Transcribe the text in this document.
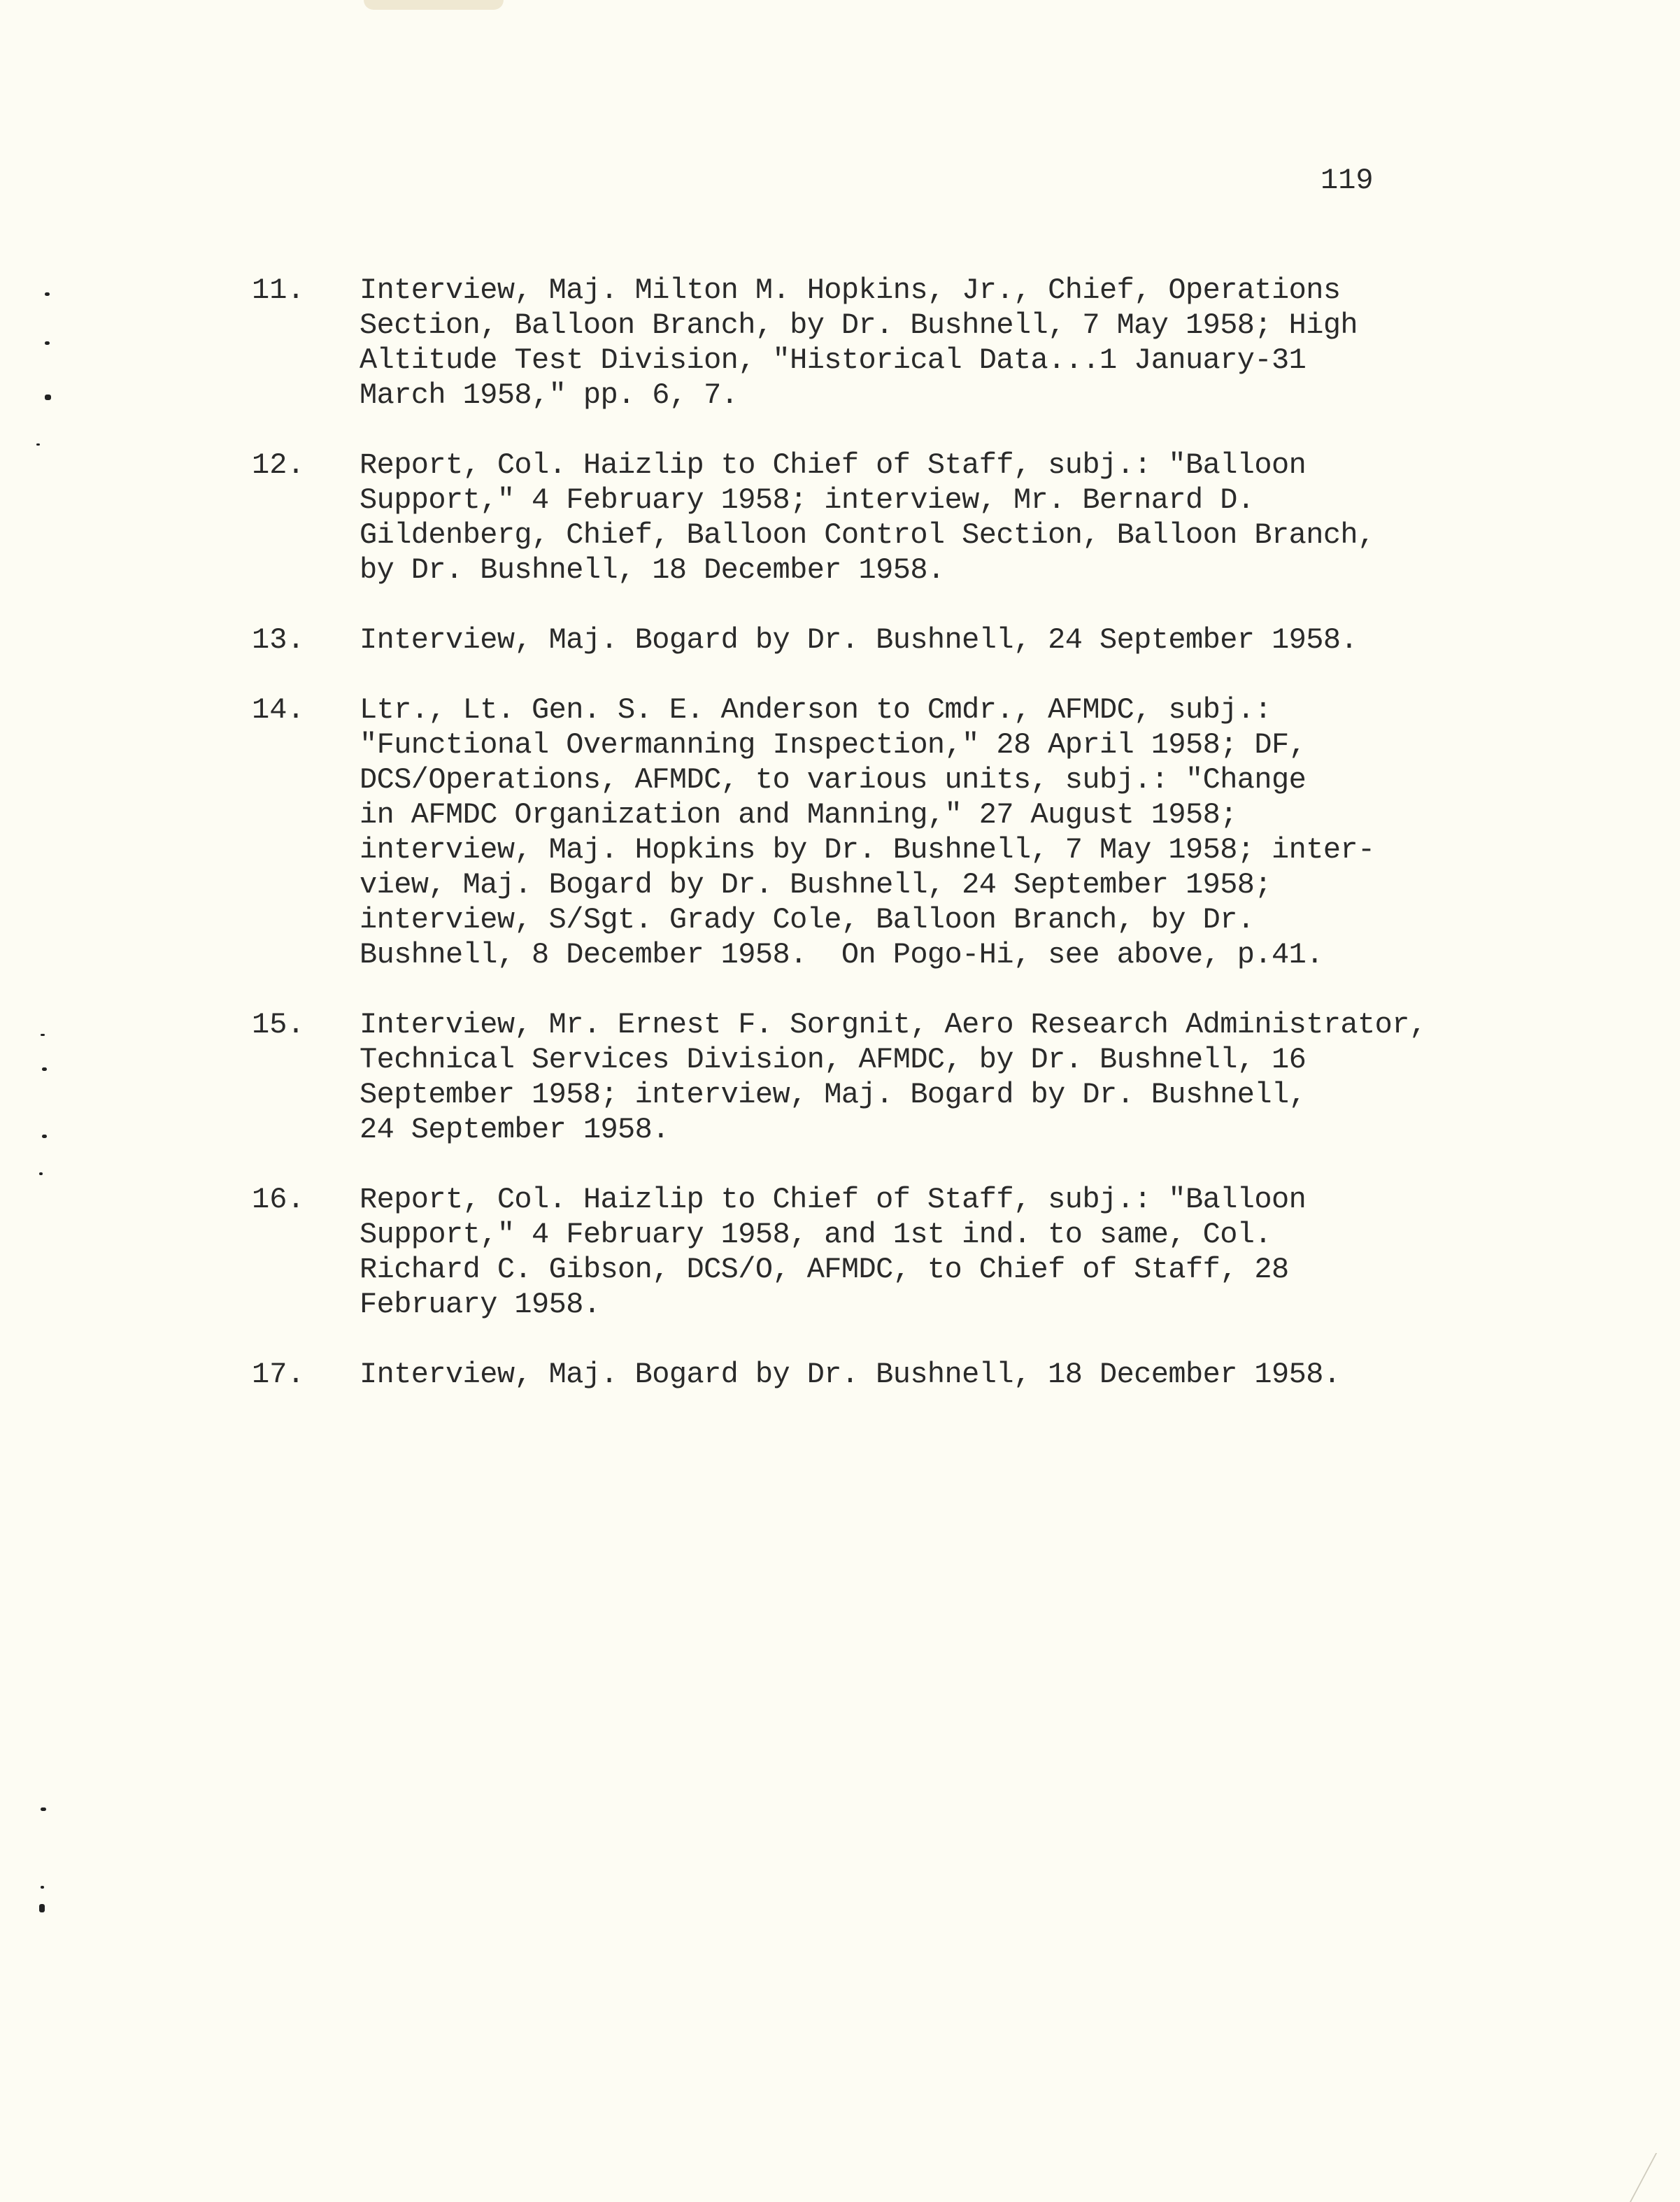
119
11.	Interview, Maj. Milton M. Hopkins, Jr., Chief, Operations
Section, Balloon Branch, by Dr. Bushnell, 7 May 1958; High
Altitude Test Division, "Historical Data...1 January-31
March 1958," pp. 6, 7.
12.	Report, Col. Haizlip to Chief of Staff, subj.: "Balloon
Support," 4 February 1958; interview, Mr. Bernard D.
Gildenberg, Chief, Balloon Control Section, Balloon Branch,
by Dr. Bushnell, 18 December 1958.
13.	Interview, Maj. Bogard by Dr. Bushnell, 24 September 1958.
14.	Ltr., Lt. Gen. S. E. Anderson to Cmdr., AFMDC, subj.:
"Functional Overmanning Inspection," 28 April 1958; DF,
DCS/Operations, AFMDC, to various units, subj.: "Change
in AFMDC Organization and Manning," 27 August 1958;
interview, Maj. Hopkins by Dr. Bushnell, 7 May 1958; inter-
view, Maj. Bogard by Dr. Bushnell, 24 September 1958;
interview, S/Sgt. Grady Cole, Balloon Branch, by Dr.
Bushnell, 8 December 1958.  On Pogo-Hi, see above, p.41.
15.	Interview, Mr. Ernest F. Sorgnit, Aero Research Administrator,
Technical Services Division, AFMDC, by Dr. Bushnell, 16
September 1958; interview, Maj. Bogard by Dr. Bushnell,
24 September 1958.
16.	Report, Col. Haizlip to Chief of Staff, subj.: "Balloon
Support," 4 February 1958, and 1st ind. to same, Col.
Richard C. Gibson, DCS/O, AFMDC, to Chief of Staff, 28
February 1958.
17.	Interview, Maj. Bogard by Dr. Bushnell, 18 December 1958.
